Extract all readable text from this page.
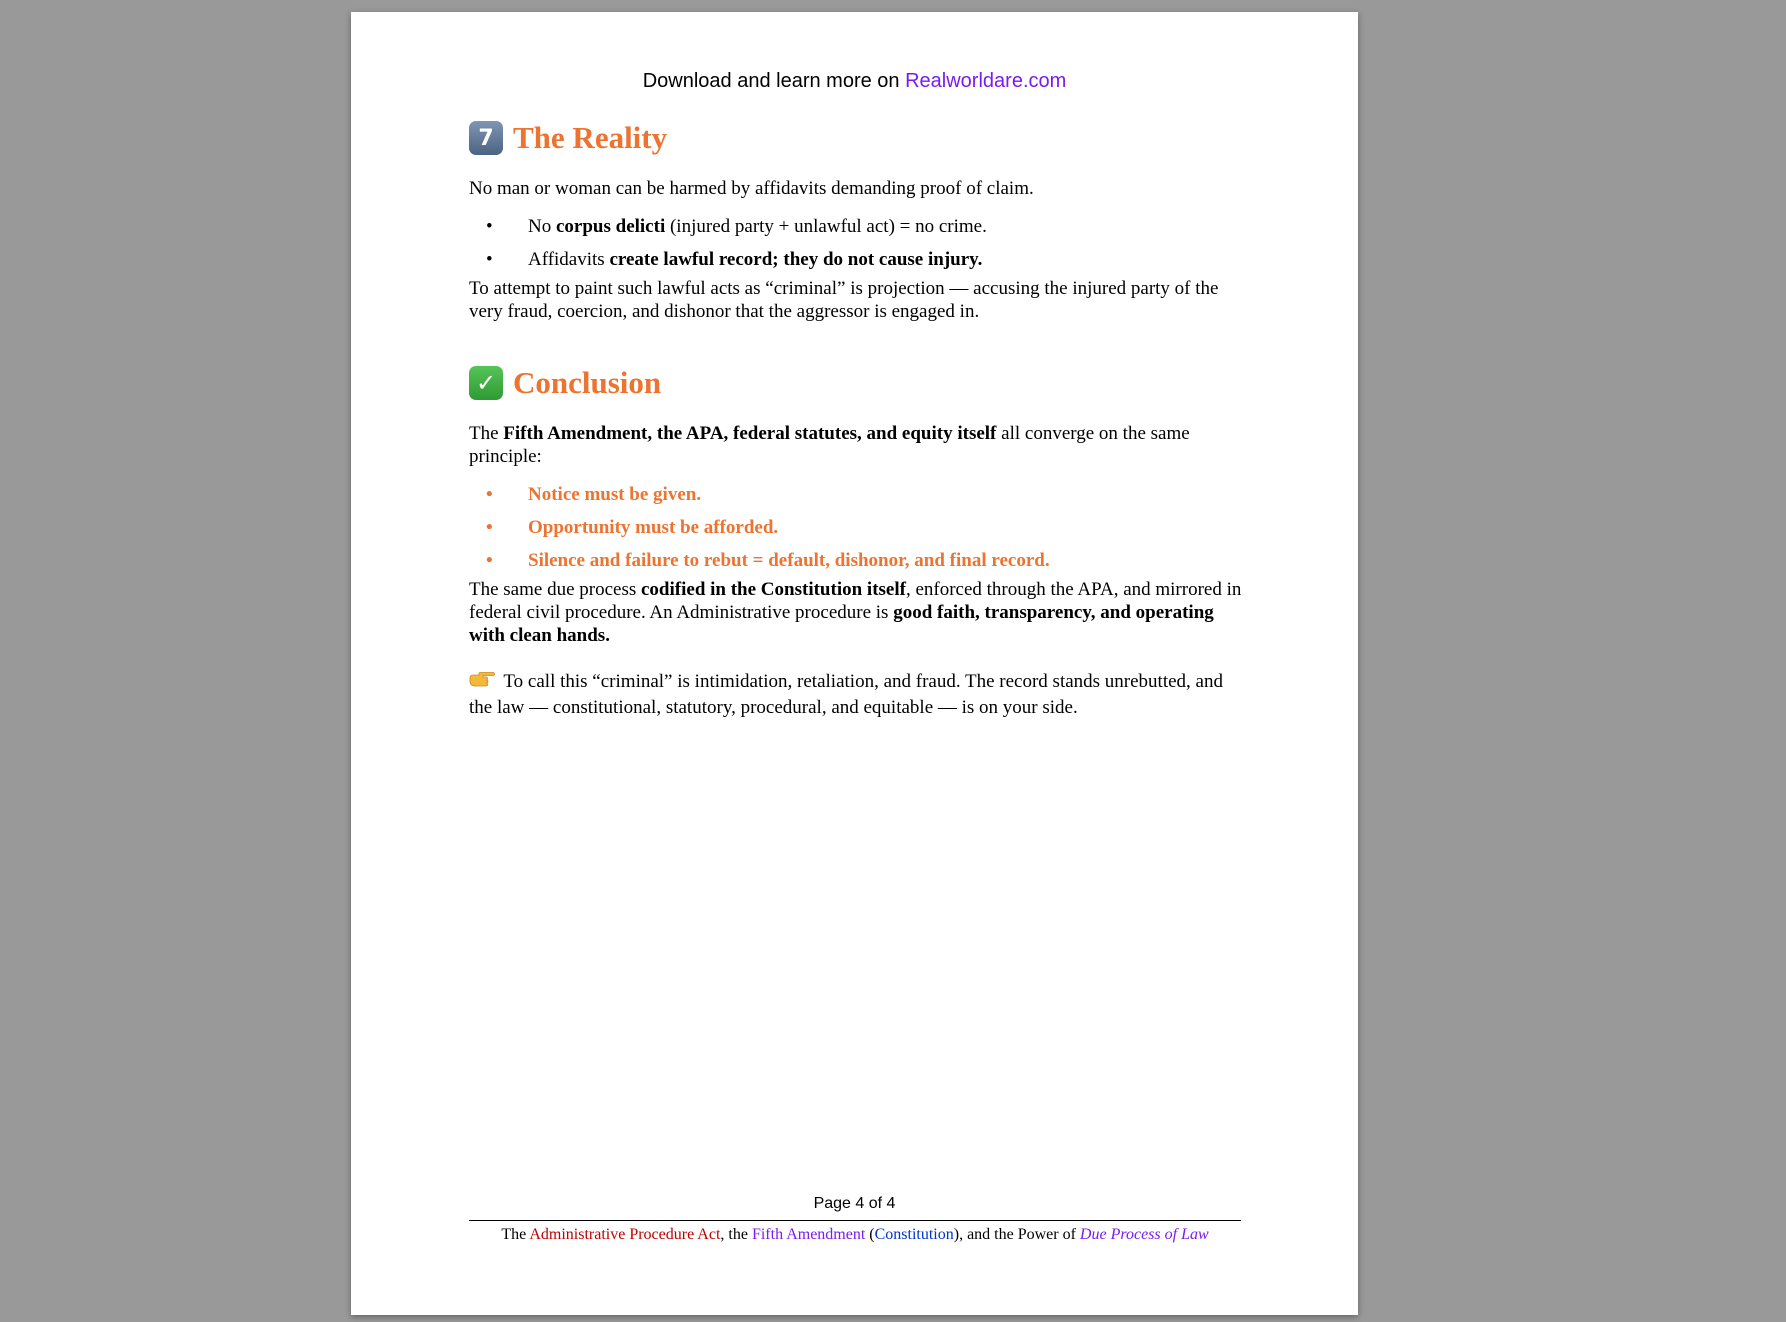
Download and learn more on Realworldare.com
7 The Reality

No man or woman can be harmed by affidavits demanding proof of claim.

• No corpus delicti (injured party + unlawful act) = no crime.
• Affidavits create lawful record; they do not cause injury.

To attempt to paint such lawful acts as “criminal” is projection — accusing the injured party of the very fraud, coercion, and dishonor that the aggressor is engaged in.

✓ Conclusion

The Fifth Amendment, the APA, federal statutes, and equity itself all converge on the same principle:

• Notice must be given.
• Opportunity must be afforded.
• Silence and failure to rebut = default, dishonor, and final record.

The same due process codified in the Constitution itself, enforced through the APA, and mirrored in federal civil procedure. An Administrative procedure is good faith, transparency, and operating with clean hands.

To call this “criminal” is intimidation, retaliation, and fraud. The record stands unrebutted, and the law — constitutional, statutory, procedural, and equitable — is on your side.

Page 4 of 4
The Administrative Procedure Act, the Fifth Amendment (Constitution), and the Power of Due Process of Law
